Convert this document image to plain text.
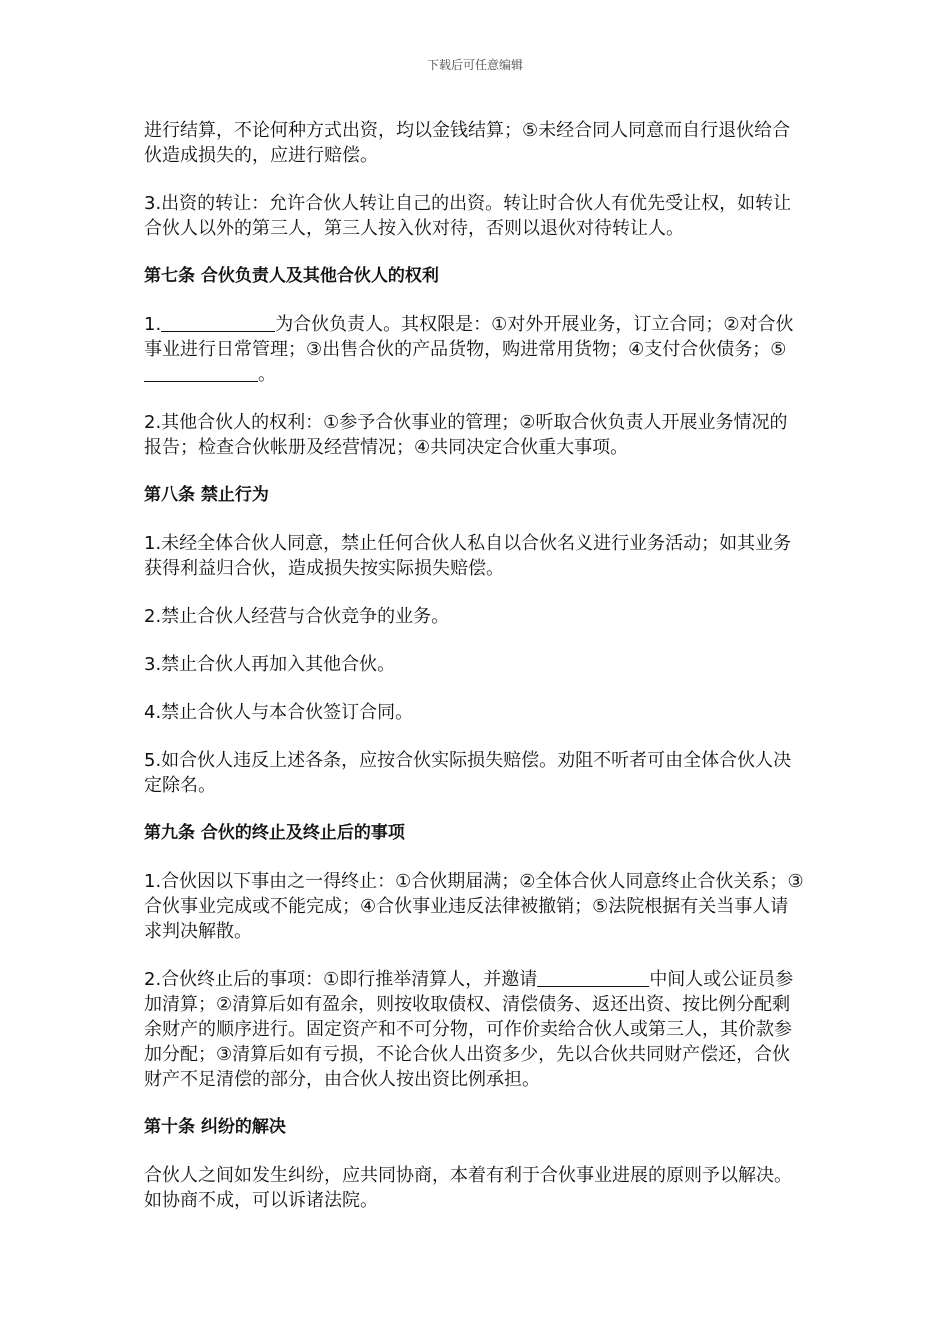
下载后可任意编辑

进行结算，不论何种方式出资，均以金钱结算；⑤未经合同人同意而自行退伙给合伙造成损失的，应进行赔偿。

3.出资的转让：允许合伙人转让自己的出资。转让时合伙人有优先受让权，如转让合伙人以外的第三人，第三人按入伙对待，否则以退伙对待转让人。

第七条 合伙负责人及其他合伙人的权利

1.	为合伙负责人。其权限是：①对外开展业务，订立合同；②对合伙事业进行日常管理；③出售合伙的产品货物，购进常用货物；④支付合伙债务；⑤。

2.其他合伙人的权利：①参予合伙事业的管理；②听取合伙负责人开展业务情况的报告；检查合伙帐册及经营情况；④共同决定合伙重大事项。

第八条 禁止行为

1.未经全体合伙人同意，禁止任何合伙人私自以合伙名义进行业务活动；如其业务获得利益归合伙，造成损失按实际损失赔偿。

2.禁止合伙人经营与合伙竞争的业务。

3.禁止合伙人再加入其他合伙。

4.禁止合伙人与本合伙签订合同。

5.如合伙人违反上述各条，应按合伙实际损失赔偿。劝阻不听者可由全体合伙人决定除名。

第九条 合伙的终止及终止后的事项

1.合伙因以下事由之一得终止：①合伙期届满；②全体合伙人同意终止合伙关系；③合伙事业完成或不能完成；④合伙事业违反法律被撤销；⑤法院根据有关当事人请求判决解散。

2.合伙终止后的事项：①即行推举清算人，并邀请	中间人或公证员参加清算；②清算后如有盈余，则按收取债权、清偿债务、返还出资、按比例分配剩余财产的顺序进行。固定资产和不可分物，可作价卖给合伙人或第三人，其价款参加分配；③清算后如有亏损，不论合伙人出资多少，先以合伙共同财产偿还，合伙财产不足清偿的部分，由合伙人按出资比例承担。

第十条 纠纷的解决

合伙人之间如发生纠纷，应共同协商，本着有利于合伙事业进展的原则予以解决。如协商不成，可以诉诸法院。
